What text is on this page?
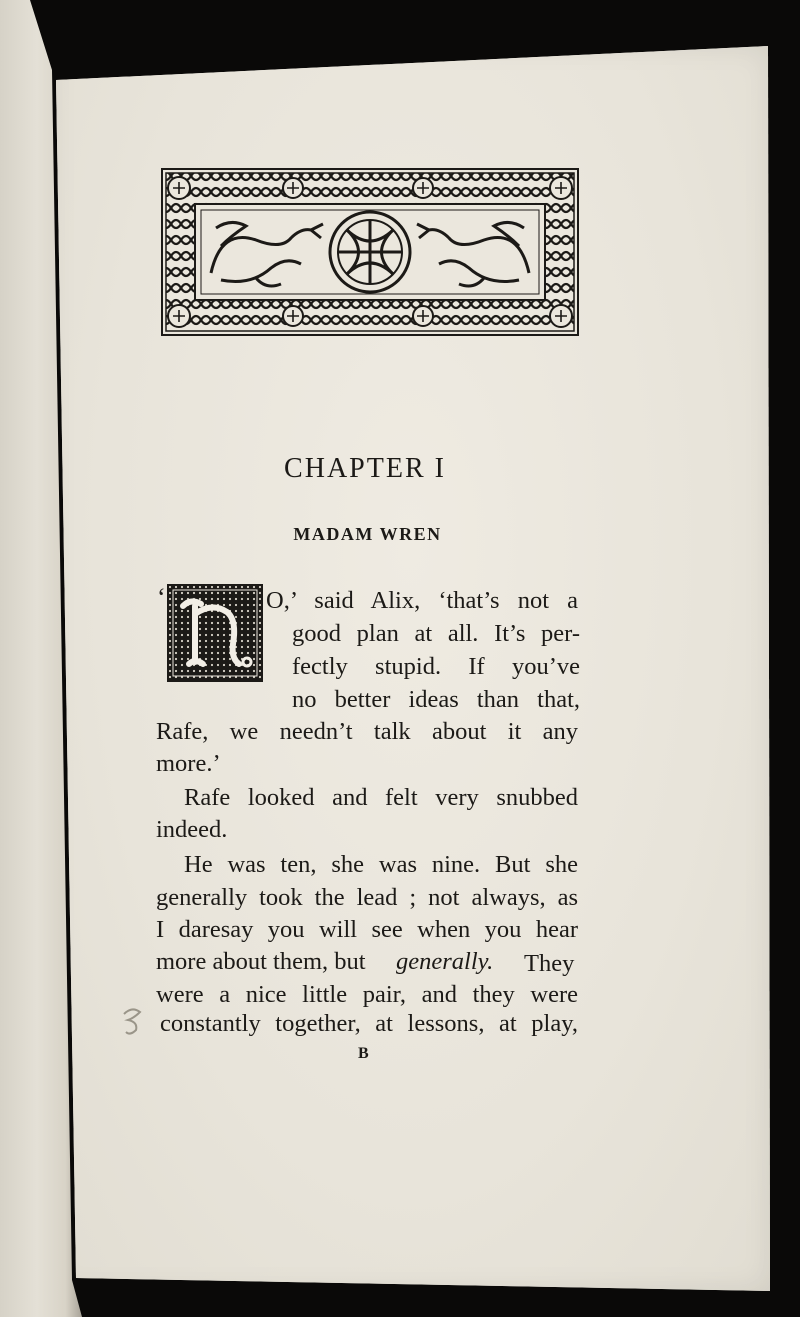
CHAPTER I
MADAM WREN
‘	O,’ said Alix, ‘that’s not a
good plan at all. It’s per-
fectly stupid. If you’ve
no better ideas than that,
Rafe, we needn’t talk about it any
more.’
Rafe looked and felt very snubbed
indeed.
He was ten, she was nine. But she
generally took the lead ; not always, as
I daresay you will see when you hear
more about them, but generally. They
were a nice little pair, and they were
constantly together, at lessons, at play,
B
